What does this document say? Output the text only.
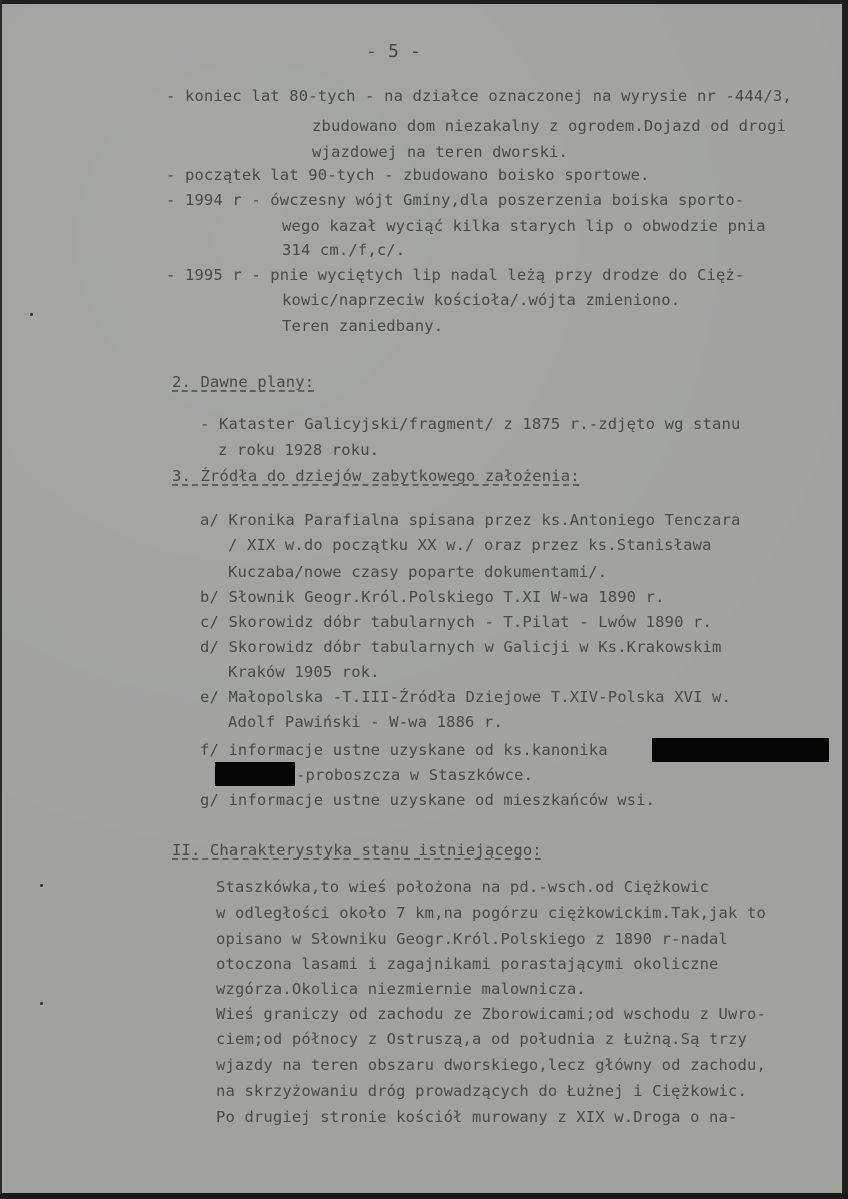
- 5 -
- koniec lat 80-tych - na działce oznaczonej na wyrysie nr -444/3,
zbudowano dom niezakalny z ogrodem.Dojazd od drogi
wjazdowej na teren dworski.
- początek lat 90-tych - zbudowano boisko sportowe.
- 1994 r - ówczesny wójt Gminy,dla poszerzenia boiska sporto-
wego kazał wyciąć kilka starych lip o obwodzie pnia
314 cm./f,c/.
- 1995 r - pnie wyciętych lip nadal leżą przy drodze do Cięż-
kowic/naprzeciw kościoła/.wójta zmieniono.
Teren zaniedbany.
2. Dawne plany:
- Kataster Galicyjski/fragment/ z 1875 r.-zdjęto wg stanu
z roku 1928 roku.
3. Źródła do dziejów zabytkowego założenia:
a/ Kronika Parafialna spisana przez ks.Antoniego Tenczara
/ XIX w.do początku XX w./ oraz przez ks.Stanisława
Kuczaba/nowe czasy poparte dokumentami/.
b/ Słownik Geogr.Król.Polskiego T.XI W-wa 1890 r.
c/ Skorowidz dóbr tabularnych - T.Pilat - Lwów 1890 r.
d/ Skorowidz dóbr tabularnych w Galicji w Ks.Krakowskim
Kraków 1905 rok.
e/ Małopolska -T.III-Źródła Dziejowe T.XIV-Polska XVI w.
Adolf Pawiński - W-wa 1886 r.
f/ informacje ustne uzyskane od ks.kanonika
-proboszcza w Staszkówce.
g/ informacje ustne uzyskane od mieszkańców wsi.
II. Charakterystyka stanu istniejącego:
Staszkówka,to wieś położona na pd.-wsch.od Ciężkowic
w odległości około 7 km,na pogórzu ciężkowickim.Tak,jak to
opisano w Słowniku Geogr.Król.Polskiego z 1890 r-nadal
otoczona lasami i zagajnikami porastającymi okoliczne
wzgórza.Okolica niezmiernie malownicza.
Wieś graniczy od zachodu ze Zborowicami;od wschodu z Uwro-
ciem;od północy z Ostruszą,a od południa z Łużną.Są trzy
wjazdy na teren obszaru dworskiego,lecz główny od zachodu,
na skrzyżowaniu dróg prowadzących do Łużnej i Ciężkowic.
Po drugiej stronie kościół murowany z XIX w.Droga o na-
